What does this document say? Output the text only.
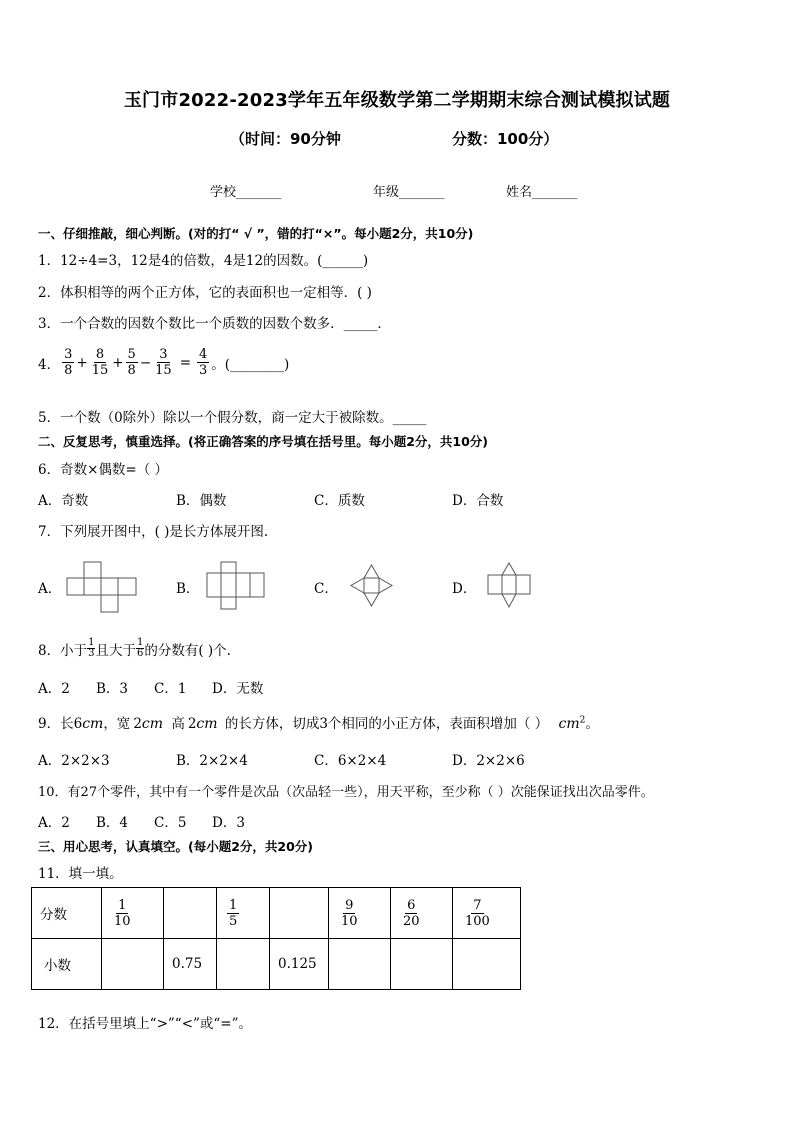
玉门市2022-2023学年五年级数学第二学期期末综合测试模拟试题
（时间：90分钟	分数：100分）
学校_______	年级_______	姓名_______
一、仔细推敲，细心判断。(对的打“ √ ”，错的打“×”。每小题2分，共10分)
1．12÷4=3，12是4的倍数，4是12的因数。(______)
2．体积相等的两个正方体，它的表面积也一定相等．( )
3．一个合数的因数个数比一个质数的因数个数多．_____．
4． $\frac{3}{8} + \frac{8}{15} + \frac{5}{8} - \frac{3}{15} = \frac{4}{3}$ 。(________)
5．一个数（0除外）除以一个假分数，商一定大于被除数。_____
二、反复思考，慎重选择。(将正确答案的序号填在括号里。每小题2分，共10分)
6．奇数×偶数=（ ）
A．奇数	B．偶数	C．质数	D．合数
7．下列展开图中，( )是长方体展开图.
A．	B．	C．	D．
8．小于 $\frac{1}{3}$ 且大于 $\frac{1}{6}$ 的分数有( )个.
A．2 B．3 C．1 D．无数
9．长6cm，宽 2cm 高 2cm 的长方体，切成3个相同的小正方体，表面积增加（ ） $cm^2$。
A．2×2×3	B．2×2×4	C．6×2×4	D．2×2×6
10．有27个零件，其中有一个零件是次品（次品轻一些），用天平称，至少称（ ）次能保证找出次品零件。
A．2 B．4 C．5 D．3
三、用心思考，认真填空。(每小题2分，共20分)
11．填一填。
分数	$\frac{1}{10}$		$\frac{1}{5}$		$\frac{9}{10}$	$\frac{6}{20}$	$\frac{7}{100}$

小数		0.75		0.125			
12．在括号里填上“>”“<”或“=”。
